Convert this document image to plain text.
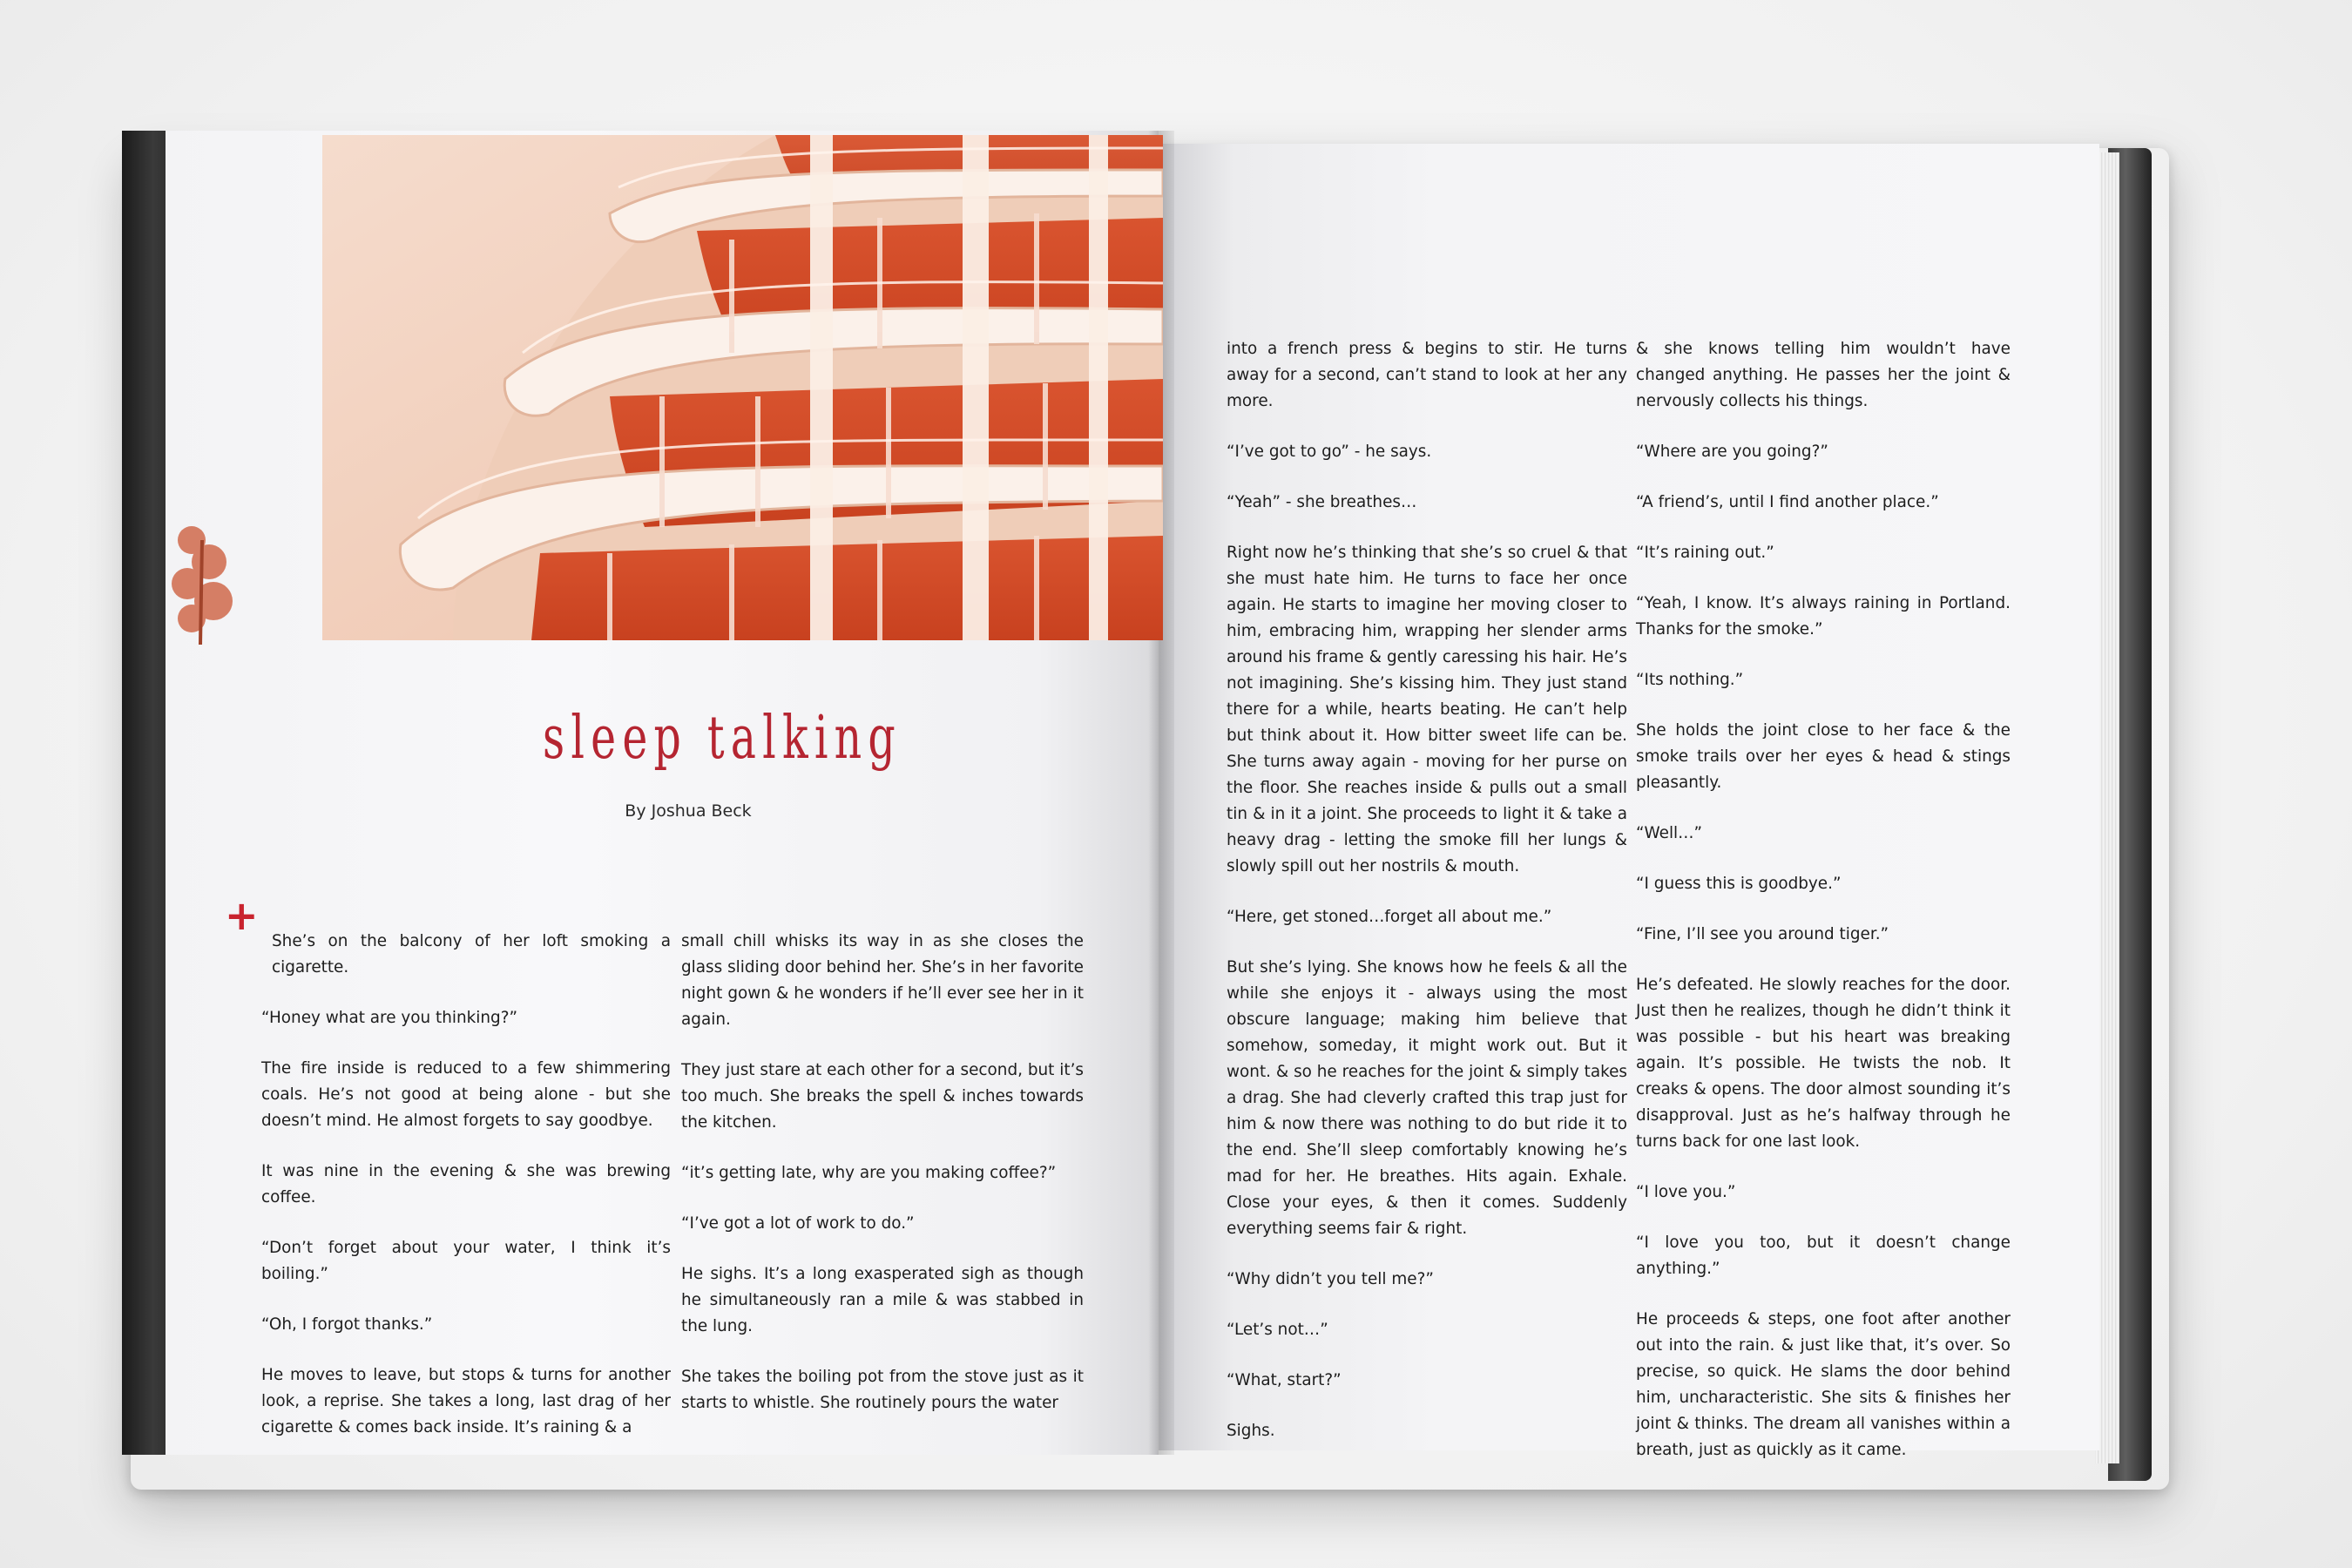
sleep talking
By Joshua Beck
+

She’s on the balcony of her loft smoking a cigarette.

“Honey what are you thinking?”

The fire inside is reduced to a few shimmering coals. He’s not good at being alone - but she doesn’t mind. He almost forgets to say goodbye.

It was nine in the evening & she was brewing coffee.

“Don’t forget about your water, I think it’s boiling.”

“Oh, I forgot thanks.”

He moves to leave, but stops & turns for another look, a reprise. She takes a long, last drag of her cigarette & comes back inside. It’s raining & a

small chill whisks its way in as she closes the glass sliding door behind her. She’s in her favorite night gown & he wonders if he’ll ever see her in it again.

They just stare at each other for a second, but it’s too much. She breaks the spell & inches towards the kitchen.

“it’s getting late, why are you making coffee?”

“I’ve got a lot of work to do.”

He sighs. It’s a long exasperated sigh as though he simultaneously ran a mile & was stabbed in the lung.

She takes the boiling pot from the stove just as it starts to whistle. She routinely pours the water

into a french press & begins to stir. He turns away for a second, can’t stand to look at her any more.

“I’ve got to go” - he says.

“Yeah” - she breathes…

Right now he’s thinking that she’s so cruel & that she must hate him. He turns to face her once again. He starts to imagine her moving closer to him, embracing him, wrapping her slender arms around his frame & gently caressing his hair. He’s not imagining. She’s kissing him. They just stand there for a while, hearts beating. He can’t help but think about it. How bitter sweet life can be. She turns away again - moving for her purse on the floor. She reaches inside & pulls out a small tin & in it a joint. She proceeds to light it & take a heavy drag - letting the smoke fill her lungs & slowly spill out her nostrils & mouth.

“Here, get stoned…forget all about me.”

But she’s lying. She knows how he feels & all the while she enjoys it - always using the most obscure language; making him believe that somehow, someday, it might work out. But it wont. & so he reaches for the joint & simply takes a drag. She had cleverly crafted this trap just for him & now there was nothing to do but ride it to the end. She’ll sleep comfortably knowing he’s mad for her. He breathes. Hits again. Exhale. Close your eyes, & then it comes. Suddenly everything seems fair & right.

“Why didn’t you tell me?”

“Let’s not…”

“What, start?”

Sighs.

& she knows telling him wouldn’t have changed anything. He passes her the joint & nervously collects his things.

“Where are you going?”

“A friend’s, until I find another place.”

“It’s raining out.”

“Yeah, I know. It’s always raining in Portland. Thanks for the smoke.”

“Its nothing.”

She holds the joint close to her face & the smoke trails over her eyes & head & stings pleasantly.

“Well…”

“I guess this is goodbye.”

“Fine, I’ll see you around tiger.”

He’s defeated. He slowly reaches for the door. Just then he realizes, though he didn’t think it was possible - but his heart was breaking again. It’s possible. He twists the nob. It creaks & opens. The door almost sounding it’s disapproval. Just as he’s halfway through he turns back for one last look.

“I love you.”

“I love you too, but it doesn’t change anything.”

He proceeds & steps, one foot after another out into the rain. & just like that, it’s over. So precise, so quick. He slams the door behind him, uncharacteristic. She sits & finishes her joint & thinks. The dream all vanishes within a breath, just as quickly as it came.
